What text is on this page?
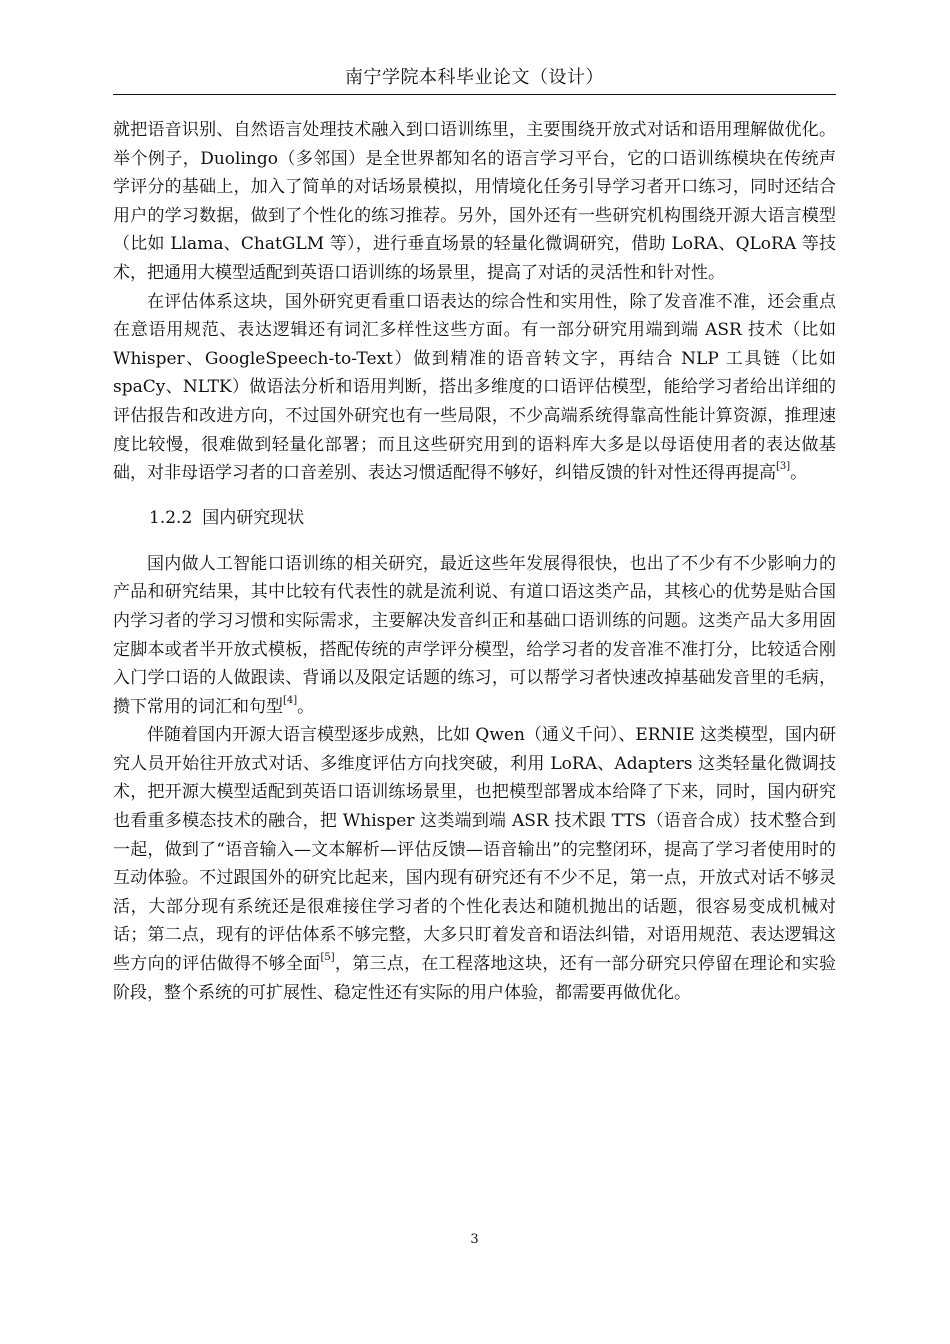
南宁学院本科毕业论文（设计）

就把语音识别、自然语言处理技术融入到口语训练里，主要围绕开放式对话和语用理解做优化。举个例子，Duolingo（多邻国）是全世界都知名的语言学习平台，它的口语训练模块在传统声学评分的基础上，加入了简单的对话场景模拟，用情境化任务引导学习者开口练习，同时还结合用户的学习数据，做到了个性化的练习推荐。另外，国外还有一些研究机构围绕开源大语言模型（比如 Llama、ChatGLM 等），进行垂直场景的轻量化微调研究，借助 LoRA、QLoRA 等技术，把通用大模型适配到英语口语训练的场景里，提高了对话的灵活性和针对性。

在评估体系这块，国外研究更看重口语表达的综合性和实用性，除了发音准不准，还会重点在意语用规范、表达逻辑还有词汇多样性这些方面。有一部分研究用端到端 ASR 技术（比如 Whisper、GoogleSpeech-to-Text）做到精准的语音转文字，再结合 NLP 工具链（比如 spaCy、NLTK）做语法分析和语用判断，搭出多维度的口语评估模型，能给学习者给出详细的评估报告和改进方向，不过国外研究也有一些局限，不少高端系统得靠高性能计算资源，推理速度比较慢，很难做到轻量化部署；而且这些研究用到的语料库大多是以母语使用者的表达做基础，对非母语学习者的口音差别、表达习惯适配得不够好，纠错反馈的针对性还得再提高[3]。

1.2.2 国内研究现状

国内做人工智能口语训练的相关研究，最近这些年发展得很快，也出了不少有不少影响力的产品和研究结果，其中比较有代表性的就是流利说、有道口语这类产品，其核心的优势是贴合国内学习者的学习习惯和实际需求，主要解决发音纠正和基础口语训练的问题。这类产品大多用固定脚本或者半开放式模板，搭配传统的声学评分模型，给学习者的发音准不准打分，比较适合刚入门学口语的人做跟读、背诵以及限定话题的练习，可以帮学习者快速改掉基础发音里的毛病，攒下常用的词汇和句型[4]。

伴随着国内开源大语言模型逐步成熟，比如 Qwen（通义千问）、ERNIE 这类模型，国内研究人员开始往开放式对话、多维度评估方向找突破，利用 LoRA、Adapters 这类轻量化微调技术，把开源大模型适配到英语口语训练场景里，也把模型部署成本给降了下来，同时，国内研究也看重多模态技术的融合，把 Whisper 这类端到端 ASR 技术跟 TTS（语音合成）技术整合到一起，做到了“语音输入—文本解析—评估反馈—语音输出”的完整闭环，提高了学习者使用时的互动体验。不过跟国外的研究比起来，国内现有研究还有不少不足，第一点，开放式对话不够灵活，大部分现有系统还是很难接住学习者的个性化表达和随机抛出的话题，很容易变成机械对话；第二点，现有的评估体系不够完整，大多只盯着发音和语法纠错，对语用规范、表达逻辑这些方向的评估做得不够全面[5]，第三点，在工程落地这块，还有一部分研究只停留在理论和实验阶段，整个系统的可扩展性、稳定性还有实际的用户体验，都需要再做优化。

3
